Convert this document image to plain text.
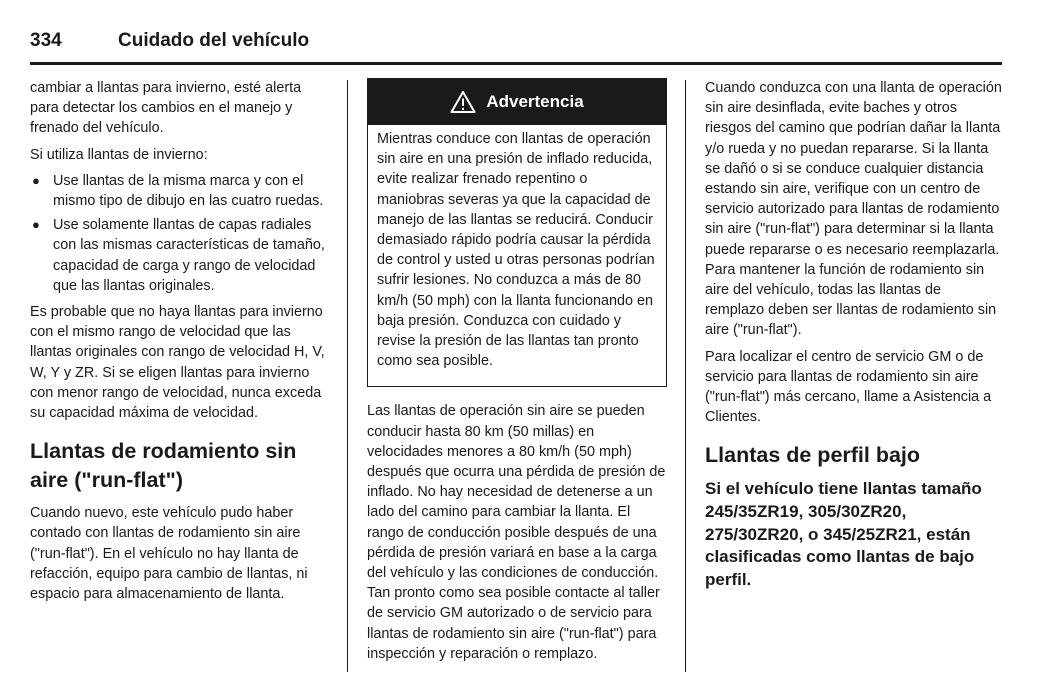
334	Cuidado del vehículo

cambiar a llantas para invierno, esté alerta para detectar los cambios en el manejo y frenado del vehículo.

Si utiliza llantas de invierno:

● Use llantas de la misma marca y con el mismo tipo de dibujo en las cuatro ruedas.
● Use solamente llantas de capas radiales con las mismas características de tamaño, capacidad de carga y rango de velocidad que las llantas originales.

Es probable que no haya llantas para invierno con el mismo rango de velocidad que las llantas originales con rango de velocidad H, V, W, Y y ZR. Si se eligen llantas para invierno con menor rango de velocidad, nunca exceda su capacidad máxima de velocidad.

Llantas de rodamiento sin aire ("run-flat")

Cuando nuevo, este vehículo pudo haber contado con llantas de rodamiento sin aire ("run-flat"). En el vehículo no hay llanta de refacción, equipo para cambio de llantas, ni espacio para almacenamiento de llanta.

Advertencia

Mientras conduce con llantas de operación sin aire en una presión de inflado reducida, evite realizar frenado repentino o maniobras severas ya que la capacidad de manejo de las llantas se reducirá. Conducir demasiado rápido podría causar la pérdida de control y usted u otras personas podrían sufrir lesiones. No conduzca a más de 80 km/h (50 mph) con la llanta funcionando en baja presión. Conduzca con cuidado y revise la presión de las llantas tan pronto como sea posible.

Las llantas de operación sin aire se pueden conducir hasta 80 km (50 millas) en velocidades menores a 80 km/h (50 mph) después que ocurra una pérdida de presión de inflado. No hay necesidad de detenerse a un lado del camino para cambiar la llanta. El rango de conducción posible después de una pérdida de presión variará en base a la carga del vehículo y las condiciones de conducción. Tan pronto como sea posible contacte al taller de servicio GM autorizado o de servicio para llantas de rodamiento sin aire ("run-flat") para inspección y reparación o remplazo.

Cuando conduzca con una llanta de operación sin aire desinflada, evite baches y otros riesgos del camino que podrían dañar la llanta y/o rueda y no puedan repararse. Si la llanta se dañó o si se conduce cualquier distancia estando sin aire, verifique con un centro de servicio autorizado para llantas de rodamiento sin aire ("run-flat") para determinar si la llanta puede repararse o es necesario reemplazarla. Para mantener la función de rodamiento sin aire del vehículo, todas las llantas de remplazo deben ser llantas de rodamiento sin aire ("run-flat").

Para localizar el centro de servicio GM o de servicio para llantas de rodamiento sin aire ("run-flat") más cercano, llame a Asistencia a Clientes.

Llantas de perfil bajo

Si el vehículo tiene llantas tamaño 245/35ZR19, 305/30ZR20, 275/30ZR20, o 345/25ZR21, están clasificadas como llantas de bajo perfil.
